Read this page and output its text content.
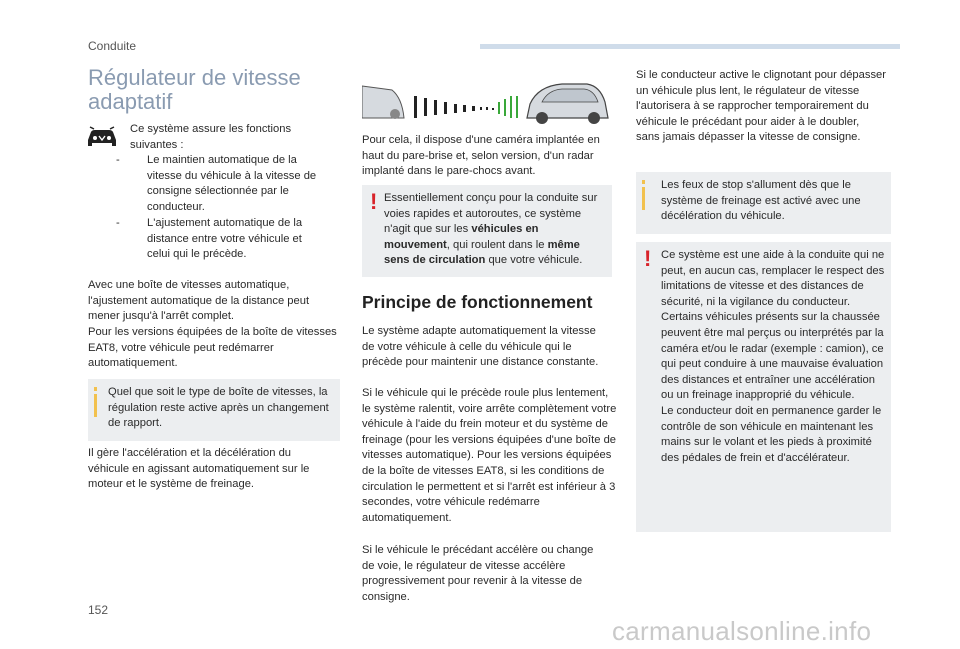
Conduite
Régulateur de vitesse adaptatif

Ce système assure les fonctions suivantes :

- Le maintien automatique de la vitesse du véhicule à la vitesse de consigne sélectionnée par le conducteur.

- L'ajustement automatique de la distance entre votre véhicule et celui qui le précède.

Avec une boîte de vitesses automatique, l'ajustement automatique de la distance peut mener jusqu'à l'arrêt complet.

Pour les versions équipées de la boîte de vitesses EAT8, votre véhicule peut redémarrer automatiquement.

Quel que soit le type de boîte de vitesses, la régulation reste active après un changement de rapport.

Il gère l'accélération et la décélération du véhicule en agissant automatiquement sur le moteur et le système de freinage.

Pour cela, il dispose d'une caméra implantée en haut du pare-brise et, selon version, d'un radar implanté dans le pare-chocs avant.

! Essentiellement conçu pour la conduite sur voies rapides et autoroutes, ce système n'agit que sur les véhicules en mouvement, qui roulent dans le même sens de circulation que votre véhicule.

Principe de fonctionnement

Le système adapte automatiquement la vitesse de votre véhicule à celle du véhicule qui le précède pour maintenir une distance constante.

Si le véhicule qui le précède roule plus lentement, le système ralentit, voire arrête complètement votre véhicule à l'aide du frein moteur et du système de freinage (pour les versions équipées d'une boîte de vitesses automatique). Pour les versions équipées de la boîte de vitesses EAT8, si les conditions de circulation le permettent et si l'arrêt est inférieur à 3 secondes, votre véhicule redémarre automatiquement.

Si le véhicule le précédant accélère ou change de voie, le régulateur de vitesse accélère progressivement pour revenir à la vitesse de consigne.

Si le conducteur active le clignotant pour dépasser un véhicule plus lent, le régulateur de vitesse l'autorisera à se rapprocher temporairement du véhicule le précédant pour aider à le doubler, sans jamais dépasser la vitesse de consigne.

Les feux de stop s'allument dès que le système de freinage est activé avec une décélération du véhicule.

! Ce système est une aide à la conduite qui ne peut, en aucun cas, remplacer le respect des limitations de vitesse et des distances de sécurité, ni la vigilance du conducteur.

Certains véhicules présents sur la chaussée peuvent être mal perçus ou interprétés par la caméra et/ou le radar (exemple : camion), ce qui peut conduire à une mauvaise évaluation des distances et entraîner une accélération ou un freinage inapproprié du véhicule.

Le conducteur doit en permanence garder le contrôle de son véhicule en maintenant les mains sur le volant et les pieds à proximité des pédales de frein et d'accélérateur.

152
carmanualsonline.info
